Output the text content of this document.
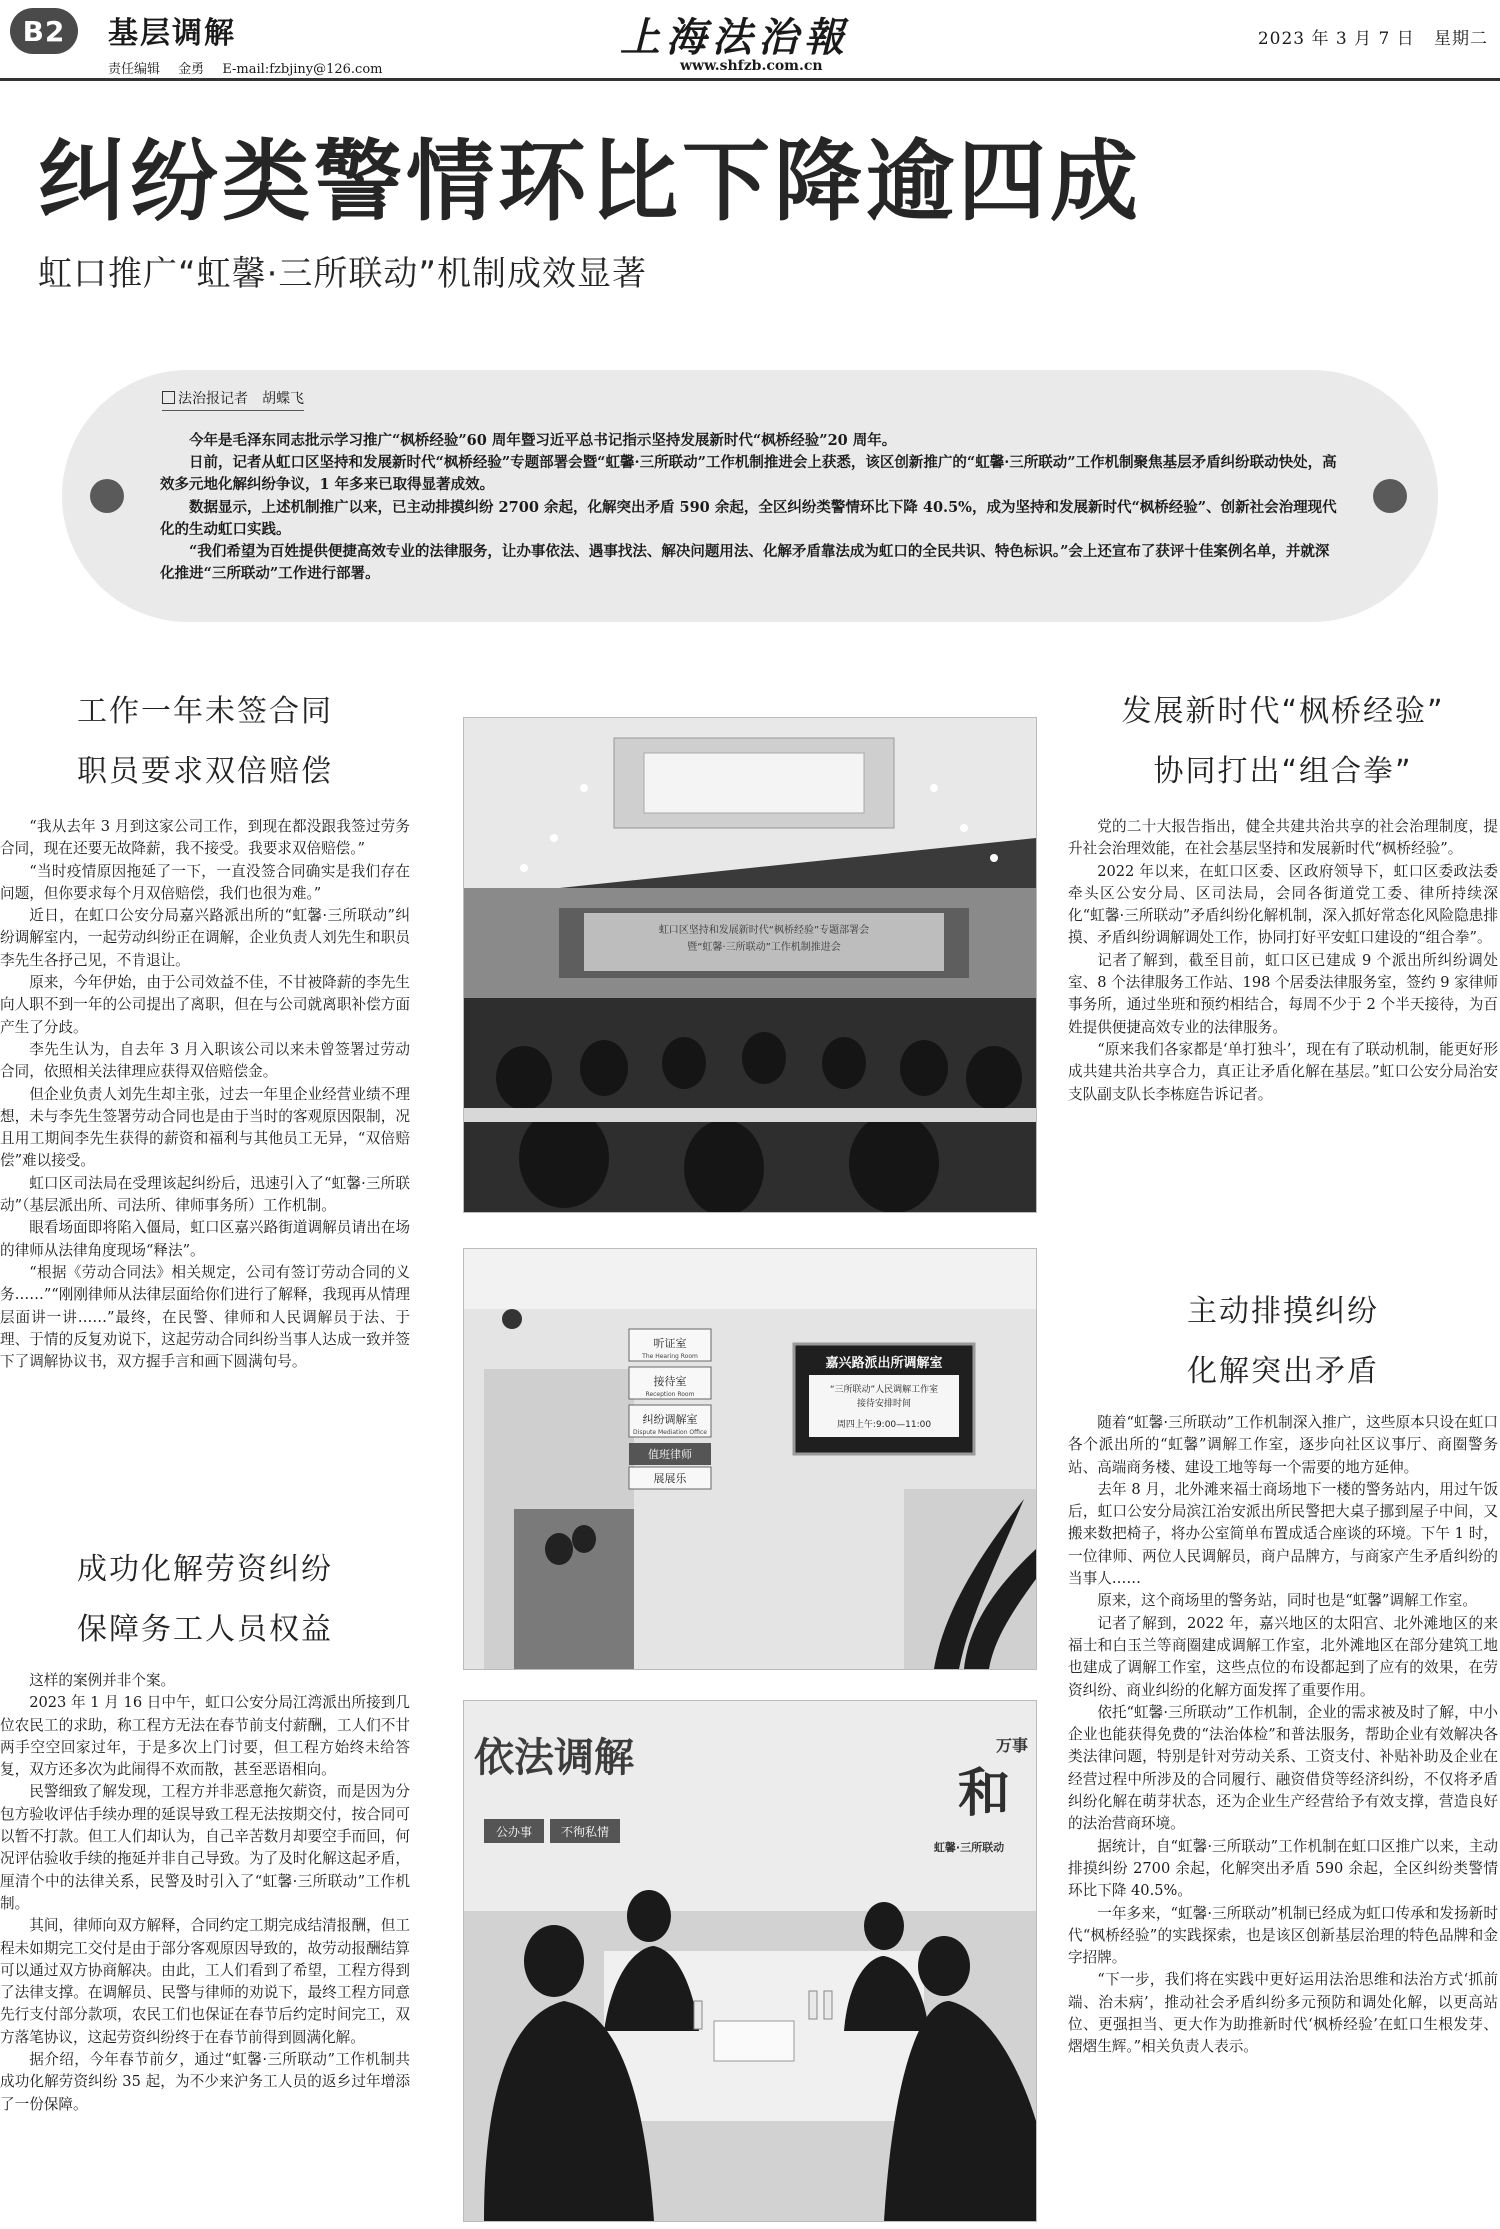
B2	基层调解
责任编辑 金勇 E-mail:fzbjiny@126.com
上海法治報
www.shfzb.com.cn
2023 年 3 月 7 日 星期二
纠纷类警情环比下降逾四成
虹口推广“虹馨·三所联动”机制成效显著
法治报记者　胡蝶飞

今年是毛泽东同志批示学习推广“枫桥经验”60 周年暨习近平总书记指示坚持发展新时代“枫桥经验”20 周年。

日前，记者从虹口区坚持和发展新时代“枫桥经验”专题部署会暨“虹馨·三所联动”工作机制推进会上获悉，该区创新推广的“虹馨·三所联动”工作机制聚焦基层矛盾纠纷联动快处，高效多元地化解纠纷争议，1 年多来已取得显著成效。

数据显示，上述机制推广以来，已主动排摸纠纷 2700 余起，化解突出矛盾 590 余起，全区纠纷类警情环比下降 40.5%，成为坚持和发展新时代“枫桥经验”、创新社会治理现代化的生动虹口实践。

“我们希望为百姓提供便捷高效专业的法律服务，让办事依法、遇事找法、解决问题用法、化解矛盾靠法成为虹口的全民共识、特色标识。”会上还宣布了获评十佳案例名单，并就深化推进“三所联动”工作进行部署。

工作一年未签合同
职员要求双倍赔偿

“我从去年 3 月到这家公司工作，到现在都没跟我签过劳务合同，现在还要无故降薪，我不接受。我要求双倍赔偿。”

“当时疫情原因拖延了一下，一直没签合同确实是我们存在问题，但你要求每个月双倍赔偿，我们也很为难。”

近日，在虹口公安分局嘉兴路派出所的“虹馨·三所联动”纠纷调解室内，一起劳动纠纷正在调解，企业负责人刘先生和职员李先生各抒己见，不肯退让。

原来，今年伊始，由于公司效益不佳，不甘被降薪的李先生向人职不到一年的公司提出了离职，但在与公司就离职补偿方面产生了分歧。

李先生认为，自去年 3 月入职该公司以来未曾签署过劳动合同，依照相关法律理应获得双倍赔偿金。

但企业负责人刘先生却主张，过去一年里企业经营业绩不理想，未与李先生签署劳动合同也是由于当时的客观原因限制，况且用工期间李先生获得的薪资和福利与其他员工无异，“双倍赔偿”难以接受。

虹口区司法局在受理该起纠纷后，迅速引入了“虹馨·三所联动”（基层派出所、司法所、律师事务所）工作机制。

眼看场面即将陷入僵局，虹口区嘉兴路街道调解员请出在场的律师从法律角度现场“释法”。

“根据《劳动合同法》相关规定，公司有签订劳动合同的义务……”“刚刚律师从法律层面给你们进行了解释，我现再从情理层面讲一讲……”最终，在民警、律师和人民调解员于法、于理、于情的反复劝说下，这起劳动合同纠纷当事人达成一致并签下了调解协议书，双方握手言和画下圆满句号。

成功化解劳资纠纷
保障务工人员权益

这样的案例并非个案。

2023 年 1 月 16 日中午，虹口公安分局江湾派出所接到几位农民工的求助，称工程方无法在春节前支付薪酬，工人们不甘两手空空回家过年，于是多次上门讨要，但工程方始终未给答复，双方还多次为此闹得不欢而散，甚至恶语相向。

民警细致了解发现，工程方并非恶意拖欠薪资，而是因为分包方验收评估手续办理的延误导致工程无法按期交付，按合同可以暂不打款。但工人们却认为，自己辛苦数月却要空手而回，何况评估验收手续的拖延并非自己导致。为了及时化解这起矛盾，厘清个中的法律关系，民警及时引入了“虹馨·三所联动”工作机制。

其间，律师向双方解释，合同约定工期完成结清报酬，但工程未如期完工交付是由于部分客观原因导致的，故劳动报酬结算可以通过双方协商解决。由此，工人们看到了希望，工程方得到了法律支撑。在调解员、民警与律师的劝说下，最终工程方同意先行支付部分款项，农民工们也保证在春节后约定时间完工，双方落笔协议，这起劳资纠纷终于在春节前得到圆满化解。

据介绍，今年春节前夕，通过“虹馨·三所联动”工作机制共成功化解劳资纠纷 35 起，为不少来沪务工人员的返乡过年增添了一份保障。

发展新时代“枫桥经验”
协同打出“组合拳”

党的二十大报告指出，健全共建共治共享的社会治理制度，提升社会治理效能，在社会基层坚持和发展新时代“枫桥经验”。

2022 年以来，在虹口区委、区政府领导下，虹口区委政法委牵头区公安分局、区司法局，会同各街道党工委、律所持续深化“虹馨·三所联动”矛盾纠纷化解机制，深入抓好常态化风险隐患排摸、矛盾纠纷调解调处工作，协同打好平安虹口建设的“组合拳”。

记者了解到，截至目前，虹口区已建成 9 个派出所纠纷调处室、8 个法律服务工作站、198 个居委法律服务室，签约 9 家律师事务所，通过坐班和预约相结合，每周不少于 2 个半天接待，为百姓提供便捷高效专业的法律服务。

“原来我们各家都是‘单打独斗’，现在有了联动机制，能更好形成共建共治共享合力，真正让矛盾化解在基层。”虹口公安分局治安支队副支队长李栋庭告诉记者。

主动排摸纠纷
化解突出矛盾

随着“虹馨·三所联动”工作机制深入推广，这些原本只设在虹口各个派出所的“虹馨”调解工作室，逐步向社区议事厅、商圈警务站、高端商务楼、建设工地等每一个需要的地方延伸。

去年 8 月，北外滩来福士商场地下一楼的警务站内，用过午饭后，虹口公安分局滨江治安派出所民警把大桌子挪到屋子中间，又搬来数把椅子，将办公室简单布置成适合座谈的环境。下午 1 时，一位律师、两位人民调解员，商户品牌方，与商家产生矛盾纠纷的当事人……

原来，这个商场里的警务站，同时也是“虹馨”调解工作室。

记者了解到，2022 年，嘉兴地区的太阳宫、北外滩地区的来福士和白玉兰等商圈建成调解工作室，北外滩地区在部分建筑工地也建成了调解工作室，这些点位的布设都起到了应有的效果，在劳资纠纷、商业纠纷的化解方面发挥了重要作用。

依托“虹馨·三所联动”工作机制，企业的需求被及时了解，中小企业也能获得免费的“法治体检”和普法服务，帮助企业有效解决各类法律问题，特别是针对劳动关系、工资支付、补贴补助及企业在经营过程中所涉及的合同履行、融资借贷等经济纠纷，不仅将矛盾纠纷化解在萌芽状态，还为企业生产经营给予有效支撑，营造良好的法治营商环境。

据统计，自“虹馨·三所联动”工作机制在虹口区推广以来，主动排摸纠纷 2700 余起，化解突出矛盾 590 余起，全区纠纷类警情环比下降 40.5%。

一年多来，“虹馨·三所联动”机制已经成为虹口传承和发扬新时代“枫桥经验”的实践探索，也是该区创新基层治理的特色品牌和金字招牌。

“下一步，我们将在实践中更好运用法治思维和法治方式‘抓前端、治未病’，推动社会矛盾纠纷多元预防和调处化解，以更高站位、更强担当、更大作为助推新时代‘枫桥经验’在虹口生根发芽、熠熠生辉。”相关负责人表示。

虹口区坚持和发展新时代“枫桥经验”专题部署会
暨“虹馨·三所联动”工作机制推进会
听证室
The Hearing Room
接待室
Reception Room
纠纷调解室
Dispute Mediation Office
值班律师
展展乐
嘉兴路派出所调解室
“三所联动”人民调解工作室
接待安排时间
周四上午:9:00—11:00
依法调解
公办事 不徇私情
万事
和
虹馨·三所联动
